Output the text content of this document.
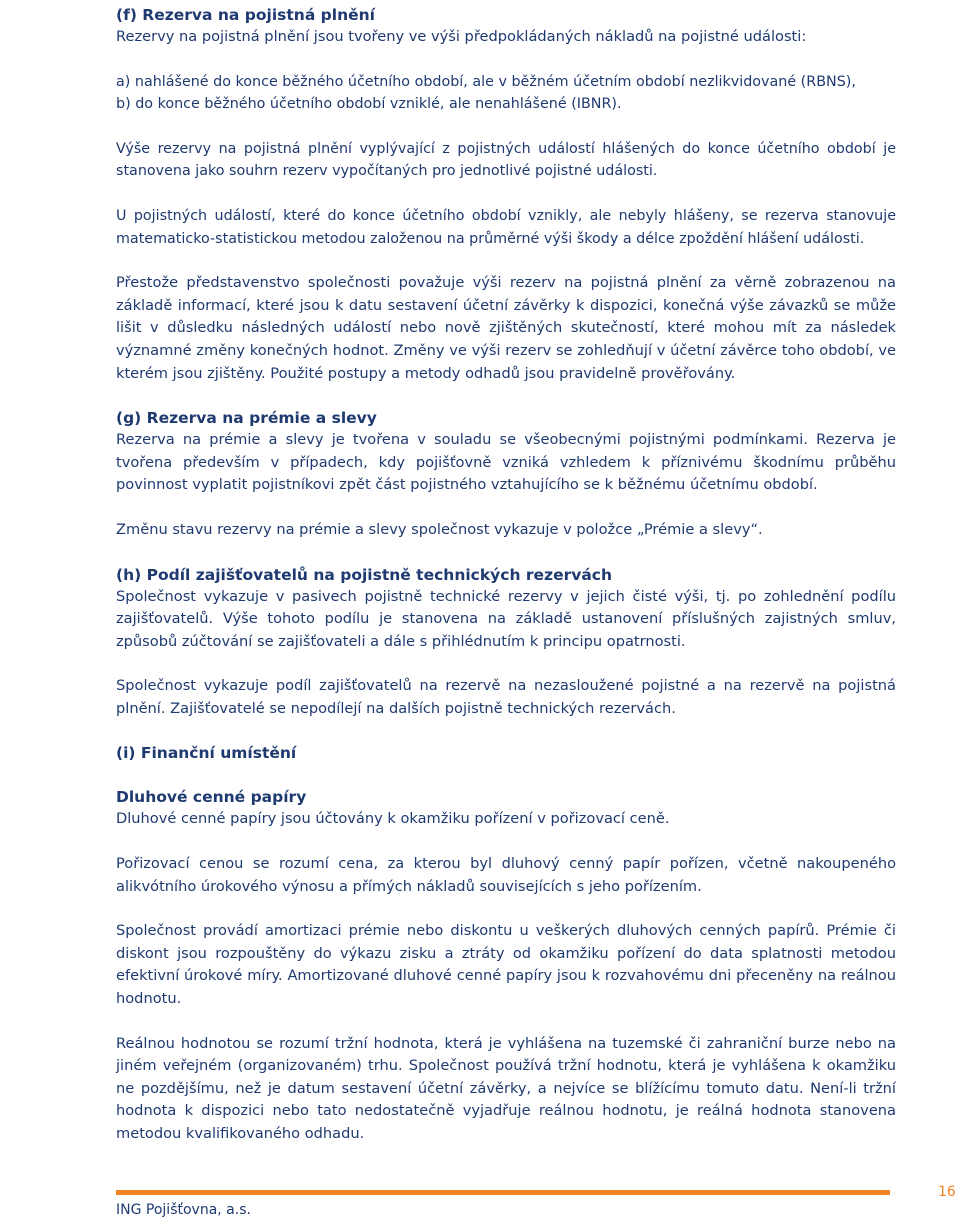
(f) Rezerva na pojistná plnění

Rezervy na pojistná plnění jsou tvořeny ve výši předpokládaných nákladů na pojistné události:

a) nahlášené do konce běžného účetního období, ale v běžném účetním období nezlikvidované (RBNS),

b) do konce běžného účetního období vzniklé, ale nenahlášené (IBNR).

Výše rezervy na pojistná plnění vyplývající z pojistných událostí hlášených do konce účetního období je stanovena jako souhrn rezerv vypočítaných pro jednotlivé pojistné události.

U pojistných událostí, které do konce účetního období vznikly, ale nebyly hlášeny, se rezerva stanovuje matematicko-statistickou metodou založenou na průměrné výši škody a délce zpoždění hlášení události.

Přestože představenstvo společnosti považuje výši rezerv na pojistná plnění za věrně zobrazenou na základě informací, které jsou k datu sestavení účetní závěrky k dispozici, konečná výše závazků se může lišit v důsledku následných událostí nebo nově zjištěných skutečností, které mohou mít za následek významné změny konečných hodnot. Změny ve výši rezerv se zohledňují v účetní závěrce toho období, ve kterém jsou zjištěny. Použité postupy a metody odhadů jsou pravidelně prověřovány.

(g) Rezerva na prémie a slevy

Rezerva na prémie a slevy je tvořena v souladu se všeobecnými pojistnými podmínkami. Rezerva je tvořena především v případech, kdy pojišťovně vzniká vzhledem k příznivému škodnímu průběhu povinnost vyplatit pojistníkovi zpět část pojistného vztahujícího se k běžnému účetnímu období.

Změnu stavu rezervy na prémie a slevy společnost vykazuje v položce „Prémie a slevy“.

(h) Podíl zajišťovatelů na pojistně technických rezervách

Společnost vykazuje v pasivech pojistně technické rezervy v jejich čisté výši, tj. po zohlednění podílu zajišťovatelů. Výše tohoto podílu je stanovena na základě ustanovení příslušných zajistných smluv, způsobů zúčtování se zajišťovateli a dále s přihlédnutím k principu opatrnosti.

Společnost vykazuje podíl zajišťovatelů na rezervě na nezasloužené pojistné a na rezervě na pojistná plnění. Zajišťovatelé se nepodílejí na dalších pojistně technických rezervách.

(i) Finanční umístění
Dluhové cenné papíry

Dluhové cenné papíry jsou účtovány k okamžiku pořízení v pořizovací ceně.

Pořizovací cenou se rozumí cena, za kterou byl dluhový cenný papír pořízen, včetně nakoupeného alikvótního úrokového výnosu a přímých nákladů souvisejících s jeho pořízením.

Společnost provádí amortizaci prémie nebo diskontu u veškerých dluhových cenných papírů. Prémie či diskont jsou rozpouštěny do výkazu zisku a ztráty od okamžiku pořízení do data splatnosti metodou efektivní úrokové míry. Amortizované dluhové cenné papíry jsou k rozvahovému dni přeceněny na reálnou hodnotu.

Reálnou hodnotou se rozumí tržní hodnota, která je vyhlášena na tuzemské či zahraniční burze nebo na jiném veřejném (organizovaném) trhu. Společnost používá tržní hodnotu, která je vyhlášena k okamžiku ne pozdějšímu, než je datum sestavení účetní závěrky, a nejvíce se blížícímu tomuto datu. Není-li tržní hodnota k dispozici nebo tato nedostatečně vyjadřuje reálnou hodnotu, je reálná hodnota stanovena metodou kvalifikovaného odhadu.

ING Pojišťovna, a.s.
16
